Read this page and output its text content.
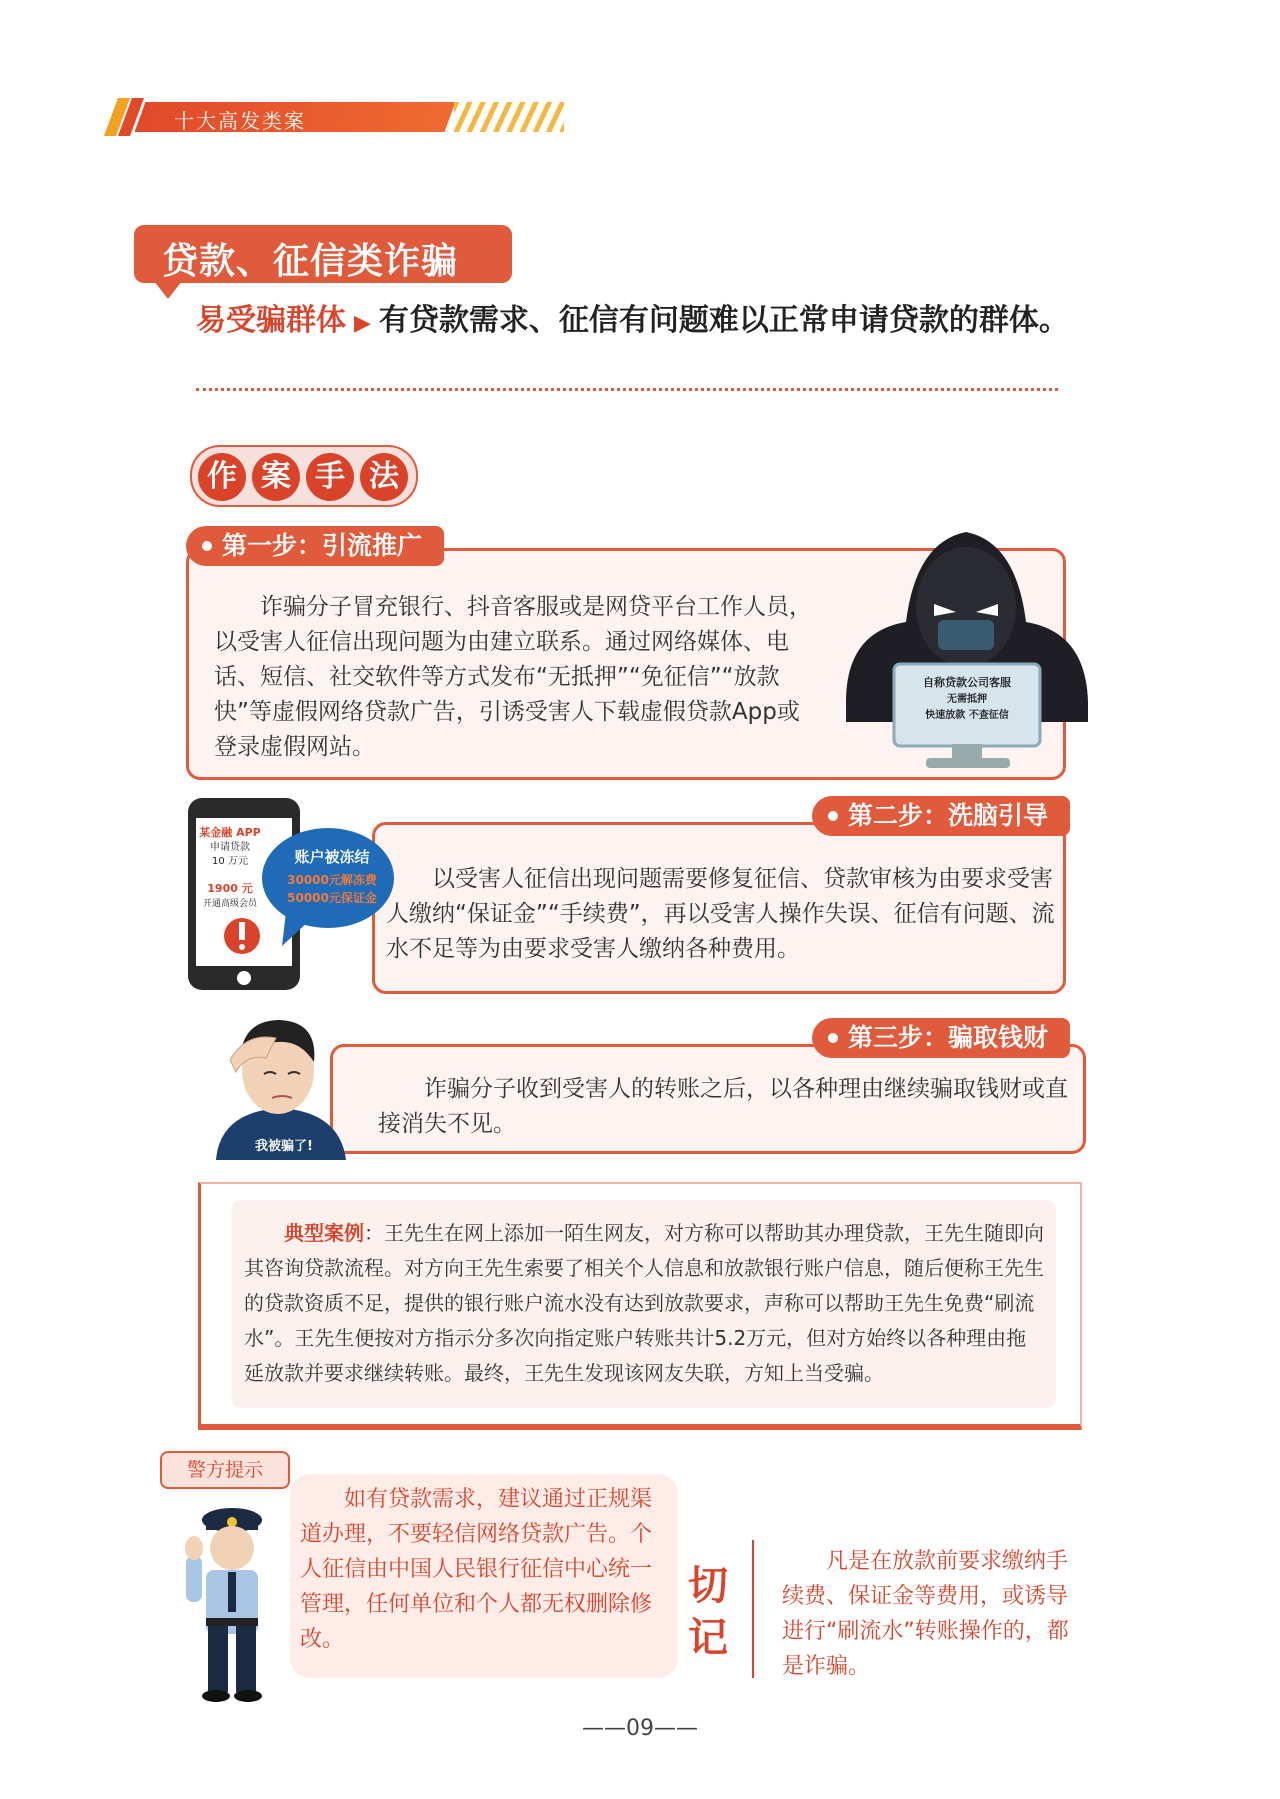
十大高发类案
贷款、征信类诈骗
易受骗群体 ▶ 有贷款需求、征信有问题难以正常申请贷款的群体。
作 案 手 法
第一步：引流推广
诈骗分子冒充银行、抖音客服或是网贷平台工作人员，以受害人征信出现问题为由建立联系。通过网络媒体、电话、短信、社交软件等方式发布“无抵押”“免征信”“放款快”等虚假网络贷款广告，引诱受害人下载虚假贷款App或登录虚假网站。
自称贷款公司客服
无需抵押
快速放款 不查征信
第二步：洗脑引导
以受害人征信出现问题需要修复征信、贷款审核为由要求受害人缴纳“保证金”“手续费”，再以受害人操作失误、征信有问题、流水不足等为由要求受害人缴纳各种费用。
某金融 APP
申请贷款
10 万元
1900 元
开通高级会员
账户被冻结
30000元解冻费
50000元保证金
第三步：骗取钱财
诈骗分子收到受害人的转账之后，以各种理由继续骗取钱财或直接消失不见。
我被骗了!
典型案例：王先生在网上添加一陌生网友，对方称可以帮助其办理贷款，王先生随即向其咨询贷款流程。对方向王先生索要了相关个人信息和放款银行账户信息，随后便称王先生的贷款资质不足，提供的银行账户流水没有达到放款要求，声称可以帮助王先生免费“刷流水”。王先生便按对方指示分多次向指定账户转账共计5.2万元，但对方始终以各种理由拖延放款并要求继续转账。最终，王先生发现该网友失联，方知上当受骗。
警方提示
如有贷款需求，建议通过正规渠道办理，不要轻信网络贷款广告。个人征信由中国人民银行征信中心统一管理，任何单位和个人都无权删除修改。
切记
凡是在放款前要求缴纳手续费、保证金等费用，或诱导进行“刷流水”转账操作的，都是诈骗。
——09——
